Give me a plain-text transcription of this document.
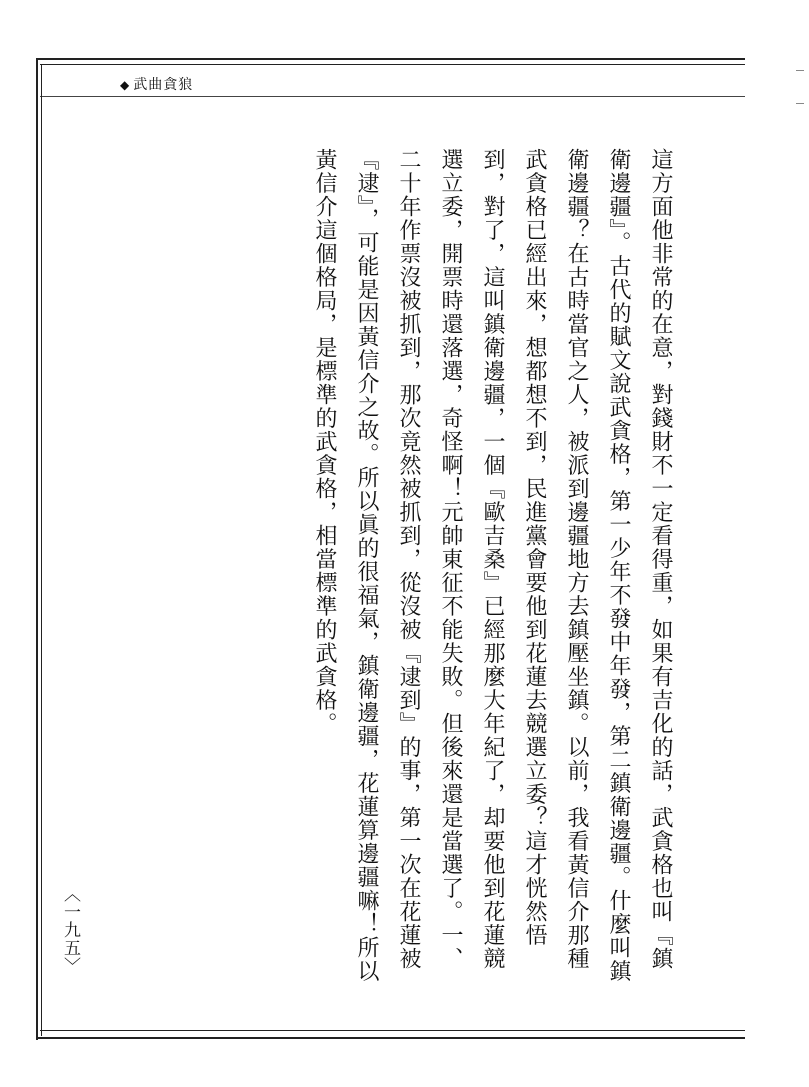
◆ 武曲貪狼

這方面他非常的在意，對錢財不一定看得重，如果有吉化的話，武貪格也叫『鎮衛邊疆』。古代的賦文說武貪格，第一少年不發中年發，第二鎮衛邊疆。什麼叫鎮衛邊疆？在古時當官之人，被派到邊疆地方去鎮壓坐鎮。以前，我看黃信介那種武貪格已經出來，想都想不到，民進黨會要他到花蓮去競選立委？這才恍然悟到，對了，這叫鎮衛邊疆，一個『歐吉桑』已經那麼大年紀了，却要他到花蓮競選立委，開票時還落選，奇怪啊！元帥東征不能失敗。但後來還是當選了。一、二十年作票沒被抓到，那次竟然被抓到，從沒被『逮到』的事，第一次在花蓮被『逮』，可能是因黃信介之故。所以眞的很福氣，鎮衛邊疆，花蓮算邊疆嘛！所以黃信介這個格局，是標準的武貪格，相當標準的武貪格。

〈一九五〉
